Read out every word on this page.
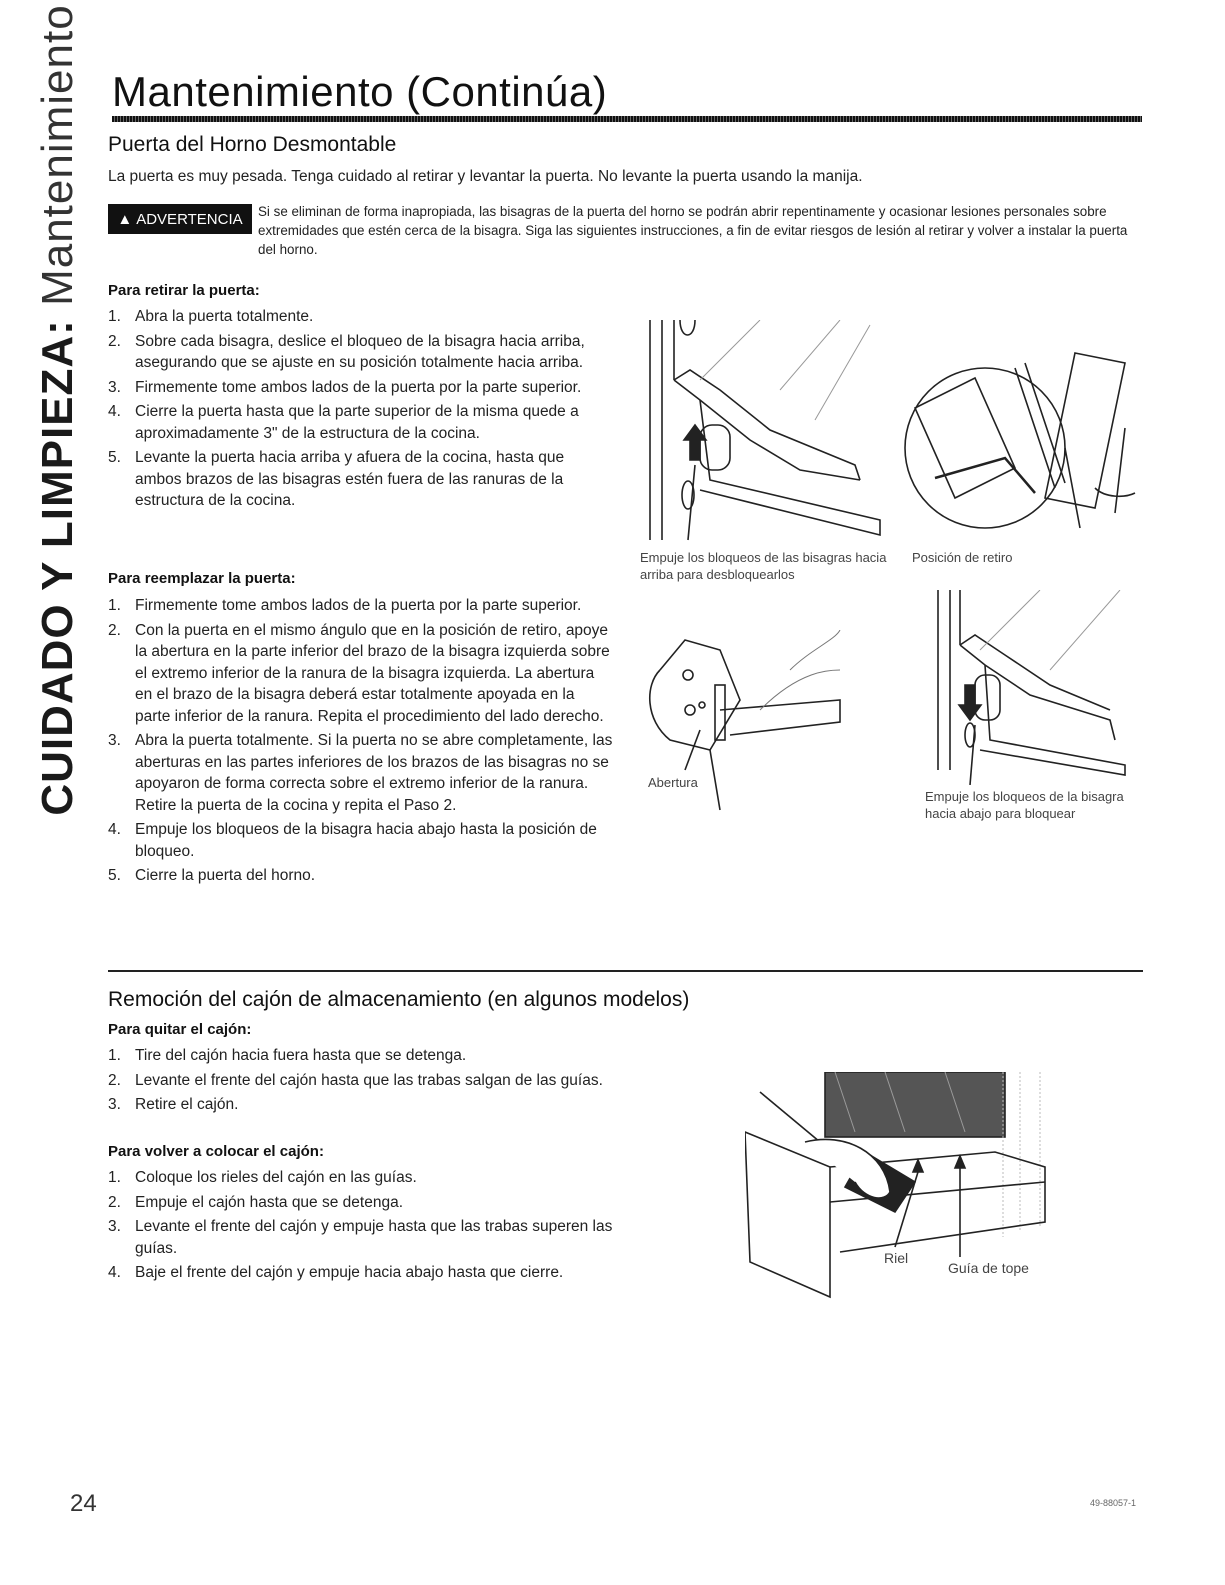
CUIDADO Y LIMPIEZA: Mantenimiento Mantenimiento (Continúa)
Puerta del Horno Desmontable
La puerta es muy pesada. Tenga cuidado al retirar y levantar la puerta. No levante la puerta usando la manija.
▲ ADVERTENCIA Si se eliminan de forma inapropiada, las bisagras de la puerta del horno se podrán abrir repentinamente y ocasionar lesiones personales sobre extremidades que estén cerca de la bisagra. Siga las siguientes instrucciones, a fin de evitar riesgos de lesión al retirar y volver a instalar la puerta del horno.
Para retirar la puerta:
1. Abra la puerta totalmente.
2. Sobre cada bisagra, deslice el bloqueo de la bisagra hacia arriba, asegurando que se ajuste en su posición totalmente hacia arriba.
3. Firmemente tome ambos lados de la puerta por la parte superior.
4. Cierre la puerta hasta que la parte superior de la misma quede a aproximadamente 3" de la estructura de la cocina.
5. Levante la puerta hacia arriba y afuera de la cocina, hasta que ambos brazos de las bisagras estén fuera de las ranuras de la estructura de la cocina.
Para reemplazar la puerta:
1. Firmemente tome ambos lados de la puerta por la parte superior.
2. Con la puerta en el mismo ángulo que en la posición de retiro, apoye la abertura en la parte inferior del brazo de la bisagra izquierda sobre el extremo inferior de la ranura de la bisagra izquierda. La abertura en el brazo de la bisagra deberá estar totalmente apoyada en la parte inferior de la ranura. Repita el procedimiento del lado derecho.
3. Abra la puerta totalmente. Si la puerta no se abre completamente, las aberturas en las partes inferiores de los brazos de las bisagras no se apoyaron de forma correcta sobre el extremo inferior de la ranura. Retire la puerta de la cocina y repita el Paso 2.
4. Empuje los bloqueos de la bisagra hacia abajo hasta la posición de bloqueo.
5. Cierre la puerta del horno.
Empuje los bloqueos de las bisagras hacia arriba para desbloquearlos
Posición de retiro
Abertura
Empuje los bloqueos de la bisagra hacia abajo para bloquear
Remoción del cajón de almacenamiento (en algunos modelos)
Para quitar el cajón:
1. Tire del cajón hacia fuera hasta que se detenga.
2. Levante el frente del cajón hasta que las trabas salgan de las guías.
3. Retire el cajón.
Para volver a colocar el cajón:
1. Coloque los rieles del cajón en las guías.
2. Empuje el cajón hasta que se detenga.
3. Levante el frente del cajón y empuje hasta que las trabas superen las guías.
4. Baje el frente del cajón y empuje hacia abajo hasta que cierre.
Riel
Guía de tope
24	49-88057-1
